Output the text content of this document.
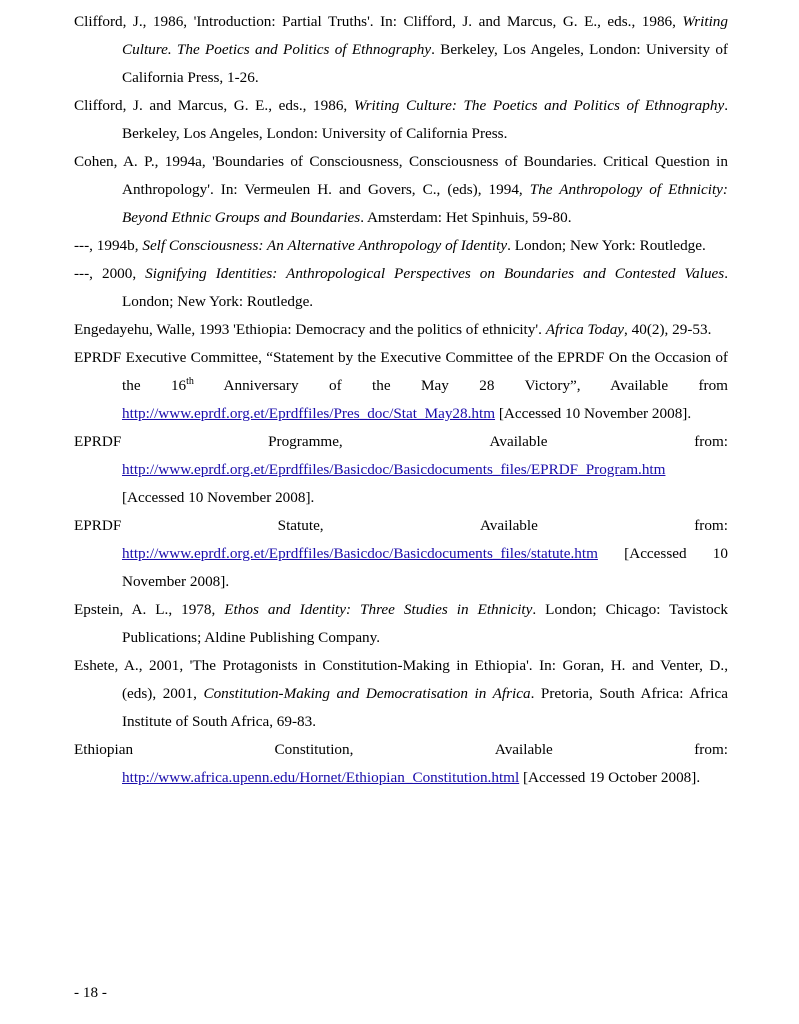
Clifford, J., 1986, 'Introduction: Partial Truths'. In: Clifford, J. and Marcus, G. E., eds., 1986, Writing Culture. The Poetics and Politics of Ethnography. Berkeley, Los Angeles, London: University of California Press, 1-26.

Clifford, J. and Marcus, G. E., eds., 1986, Writing Culture: The Poetics and Politics of Ethnography. Berkeley, Los Angeles, London: University of California Press.

Cohen, A. P., 1994a, 'Boundaries of Consciousness, Consciousness of Boundaries. Critical Question in Anthropology'. In: Vermeulen H. and Govers, C., (eds), 1994, The Anthropology of Ethnicity: Beyond Ethnic Groups and Boundaries. Amsterdam: Het Spinhuis, 59-80.

---, 1994b, Self Consciousness: An Alternative Anthropology of Identity. London; New York: Routledge.

---, 2000, Signifying Identities: Anthropological Perspectives on Boundaries and Contested Values. London; New York: Routledge.

Engedayehu, Walle, 1993 'Ethiopia: Democracy and the politics of ethnicity'. Africa Today, 40(2), 29-53.

EPRDF Executive Committee, “Statement by the Executive Committee of the EPRDF On the Occasion of the 16th Anniversary of the May 28 Victory”, Available from http://www.eprdf.org.et/Eprdffiles/Pres_doc/Stat_May28.htm [Accessed 10 November 2008].

EPRDF	Programme,	Available	from:
http://www.eprdf.org.et/Eprdffiles/Basicdoc/Basicdocuments_files/EPRDF_Program.htm
[Accessed 10 November 2008].
EPRDF	Statute,	Available	from:
http://www.eprdf.org.et/Eprdffiles/Basicdoc/Basicdocuments_files/statute.htm [Accessed 10 November 2008].

Epstein, A. L., 1978, Ethos and Identity: Three Studies in Ethnicity. London; Chicago: Tavistock Publications; Aldine Publishing Company.

Eshete, A., 2001, 'The Protagonists in Constitution-Making in Ethiopia'. In: Goran, H. and Venter, D., (eds), 2001, Constitution-Making and Democratisation in Africa. Pretoria, South Africa: Africa Institute of South Africa, 69-83.

Ethiopian	Constitution,	Available	from:
http://www.africa.upenn.edu/Hornet/Ethiopian_Constitution.html [Accessed 19 October 2008].
- 18 -
